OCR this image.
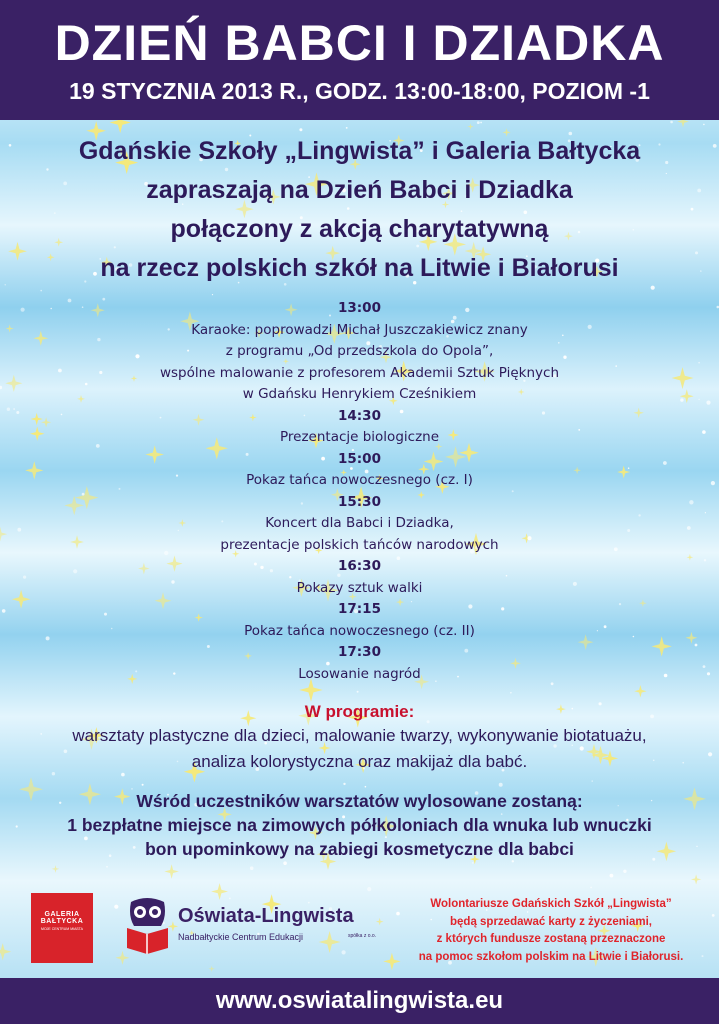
DZIEŃ BABCI I DZIADKA
19 STYCZNIA 2013 R., GODZ. 13:00-18:00, POZIOM -1
Gdańskie Szkoły „Lingwista” i Galeria Bałtycka
zapraszają na Dzień Babci i Dziadka
połączony z akcją charytatywną
na rzecz polskich szkół na Litwie i Białorusi
13:00
Karaoke: poprowadzi Michał Juszczakiewicz znany
z programu „Od przedszkola do Opola”,
wspólne malowanie z profesorem Akademii Sztuk Pięknych
w Gdańsku Henrykiem Cześnikiem
14:30
Prezentacje biologiczne
15:00
Pokaz tańca nowoczesnego (cz. I)
15:30
Koncert dla Babci i Dziadka,
prezentacje polskich tańców narodowych
16:30
Pokazy sztuk walki
17:15
Pokaz tańca nowoczesnego (cz. II)
17:30
Losowanie nagród
W programie:
warsztaty plastyczne dla dzieci, malowanie twarzy, wykonywanie biotatuażu,
analiza kolorystyczna oraz makijaż dla babć.
Wśród uczestników warsztatów wylosowane zostaną:
1 bezpłatne miejsce na zimowych półkoloniach dla wnuka lub wnuczki
bon upominkowy na zabiegi kosmetyczne dla babci
GALERIA
BAŁTYCKA
MOJE CENTRUM MIASTA
Oświata-Lingwista
Nadbałtyckie Centrum Edukacji	spółka z o.o.
Wolontariusze Gdańskich Szkół „Lingwista”
będą sprzedawać karty z życzeniami,
z których fundusze zostaną przeznaczone
na pomoc szkołom polskim na Litwie i Białorusi.
www.oswiatalingwista.eu
